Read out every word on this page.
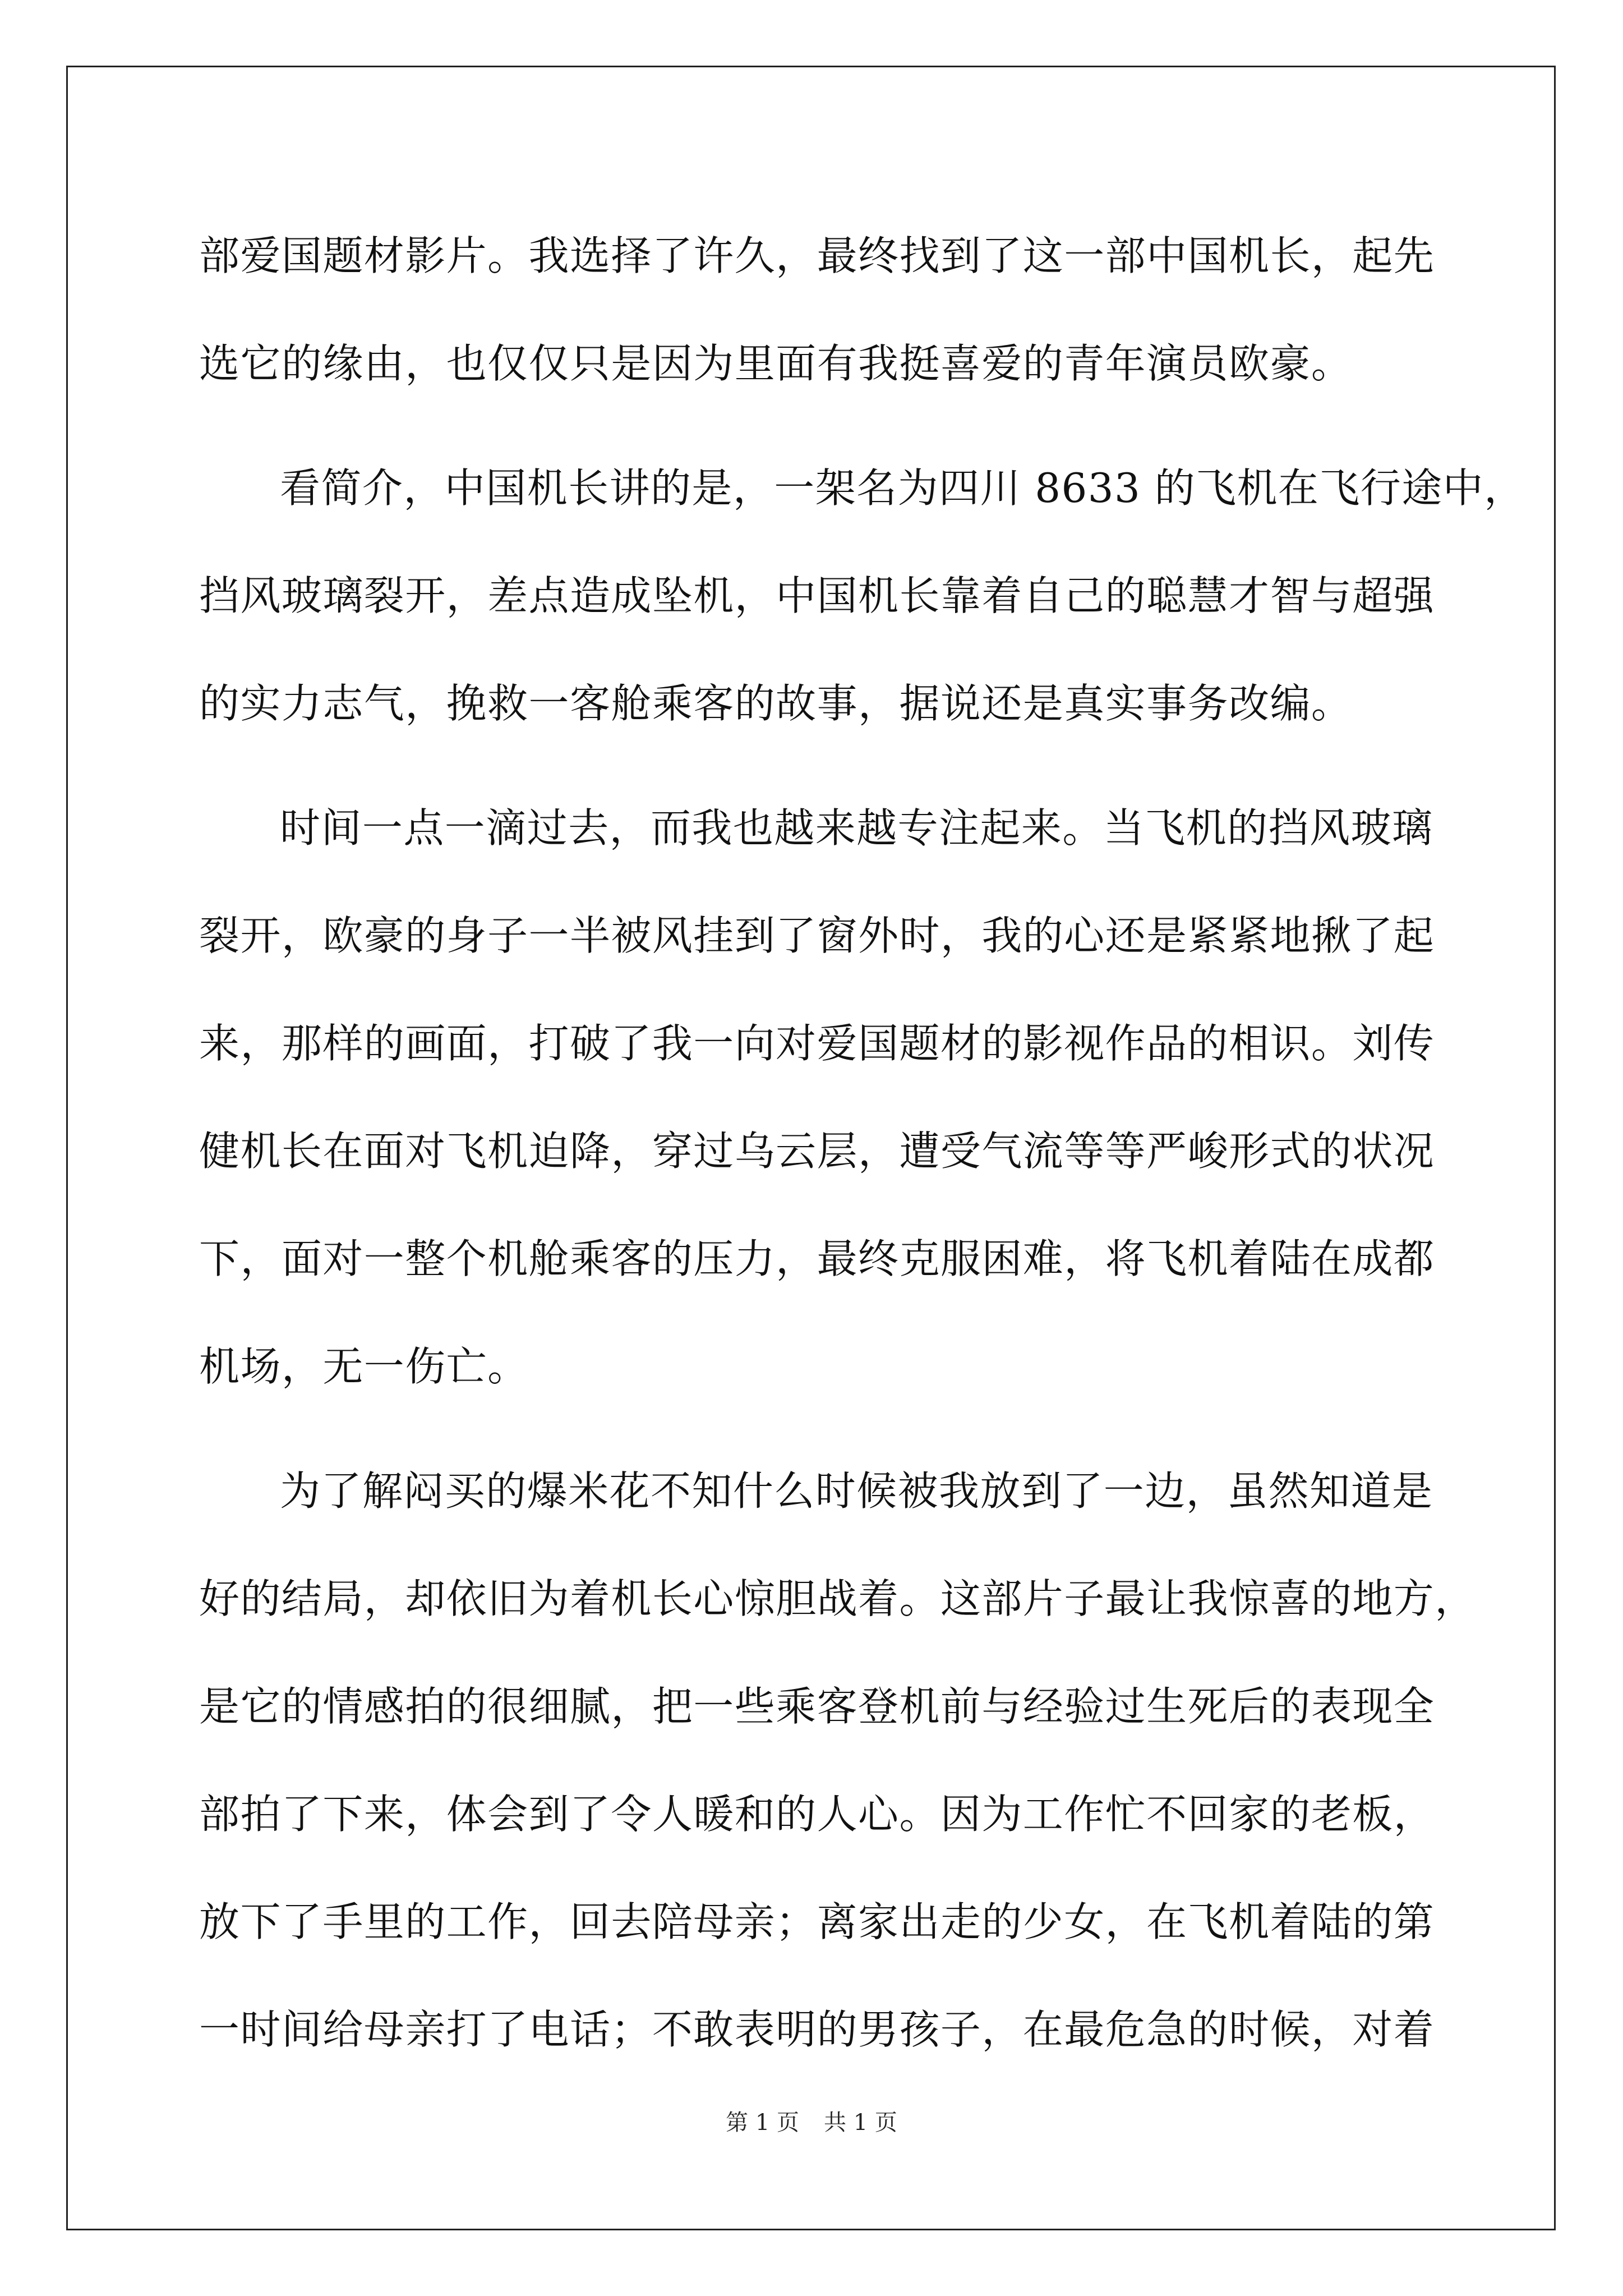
部爱国题材影片。我选择了许久，最终找到了这一部中国机长，起先
选它的缘由，也仅仅只是因为里面有我挺喜爱的青年演员欧豪。
看简介，中国机长讲的是，一架名为四川 8633 的飞机在飞行途中，
挡风玻璃裂开，差点造成坠机，中国机长靠着自己的聪慧才智与超强
的实力志气，挽救一客舱乘客的故事，据说还是真实事务改编。
时间一点一滴过去，而我也越来越专注起来。当飞机的挡风玻璃
裂开，欧豪的身子一半被风挂到了窗外时，我的心还是紧紧地揪了起
来，那样的画面，打破了我一向对爱国题材的影视作品的相识。刘传
健机长在面对飞机迫降，穿过乌云层，遭受气流等等严峻形式的状况
下，面对一整个机舱乘客的压力，最终克服困难，将飞机着陆在成都
机场，无一伤亡。
为了解闷买的爆米花不知什么时候被我放到了一边，虽然知道是
好的结局，却依旧为着机长心惊胆战着。这部片子最让我惊喜的地方，
是它的情感拍的很细腻，把一些乘客登机前与经验过生死后的表现全
部拍了下来，体会到了令人暖和的人心。因为工作忙不回家的老板，
放下了手里的工作，回去陪母亲；离家出走的少女，在飞机着陆的第
一时间给母亲打了电话；不敢表明的男孩子，在最危急的时候，对着
第 1 页 共 1 页
